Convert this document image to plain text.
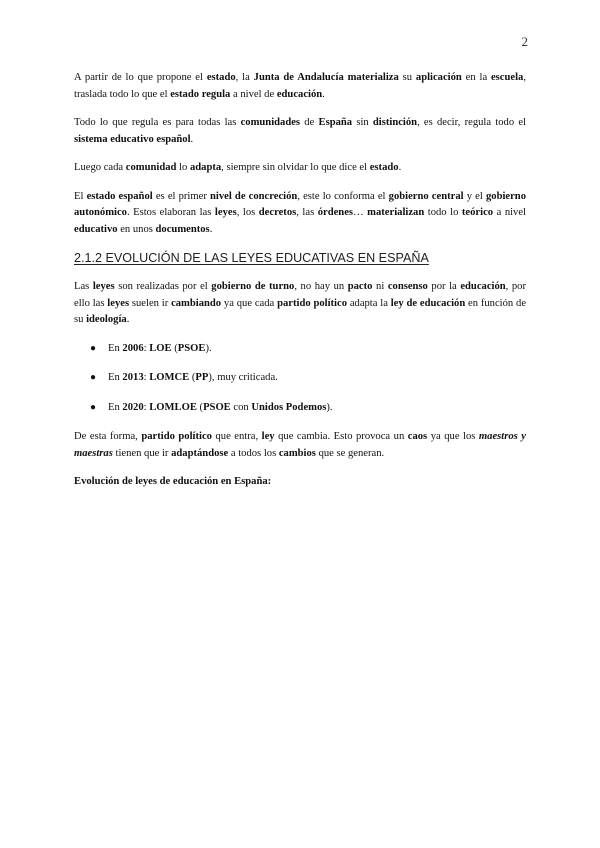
2

A partir de lo que propone el estado, la Junta de Andalucía materializa su aplicación en la escuela, traslada todo lo que el estado regula a nivel de educación.

Todo lo que regula es para todas las comunidades de España sin distinción, es decir, regula todo el sistema educativo español.

Luego cada comunidad lo adapta, siempre sin olvidar lo que dice el estado.

El estado español es el primer nivel de concreción, este lo conforma el gobierno central y el gobierno autonómico. Estos elaboran las leyes, los decretos, las órdenes… materializan todo lo teórico a nivel educativo en unos documentos.

2.1.2 EVOLUCIÓN DE LAS LEYES EDUCATIVAS EN ESPAÑA

Las leyes son realizadas por el gobierno de turno, no hay un pacto ni consenso por la educación, por ello las leyes suelen ir cambiando ya que cada partido político adapta la ley de educación en función de su ideología.

● En 2006: LOE (PSOE).
● En 2013: LOMCE (PP), muy criticada.
● En 2020: LOMLOE (PSOE con Unidos Podemos).

De esta forma, partido político que entra, ley que cambia. Esto provoca un caos ya que los maestros y maestras tienen que ir adaptándose a todos los cambios que se generan.

Evolución de leyes de educación en España:
